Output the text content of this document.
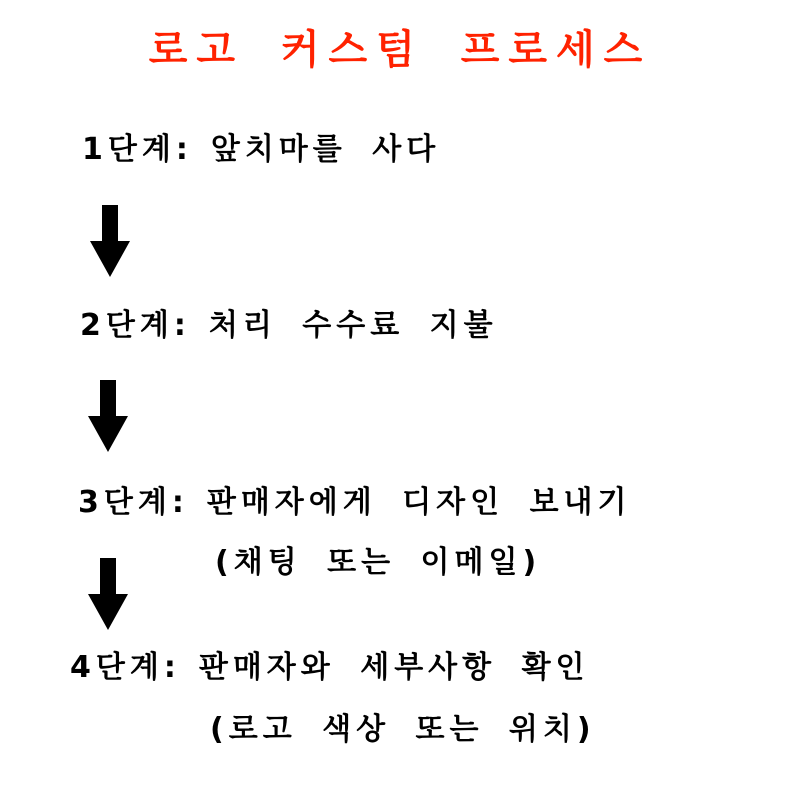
로고 커스텀 프로세스
1단계: 앞치마를 사다
2단계: 처리 수수료 지불
3단계: 판매자에게 디자인 보내기
(채팅 또는 이메일)
4단계: 판매자와 세부사항 확인
(로고 색상 또는 위치)
